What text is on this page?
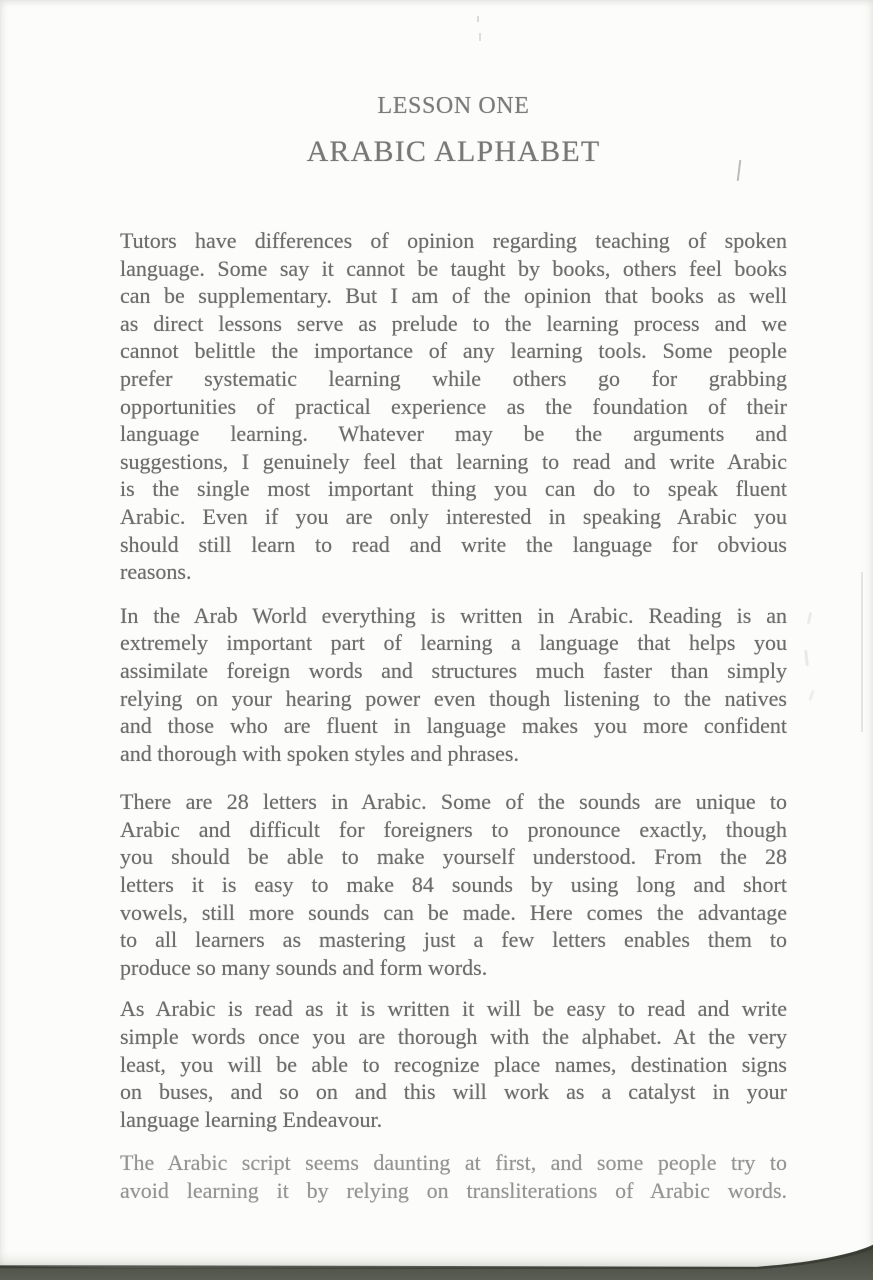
LESSON ONE
ARABIC ALPHABET

Tutors have differences of opinion regarding teaching of spoken
language. Some say it cannot be taught by books, others feel books
can be supplementary. But I am of the opinion that books as well
as direct lessons serve as prelude to the learning process and we
cannot belittle the importance of any learning tools. Some people
prefer systematic learning while others go for grabbing
opportunities of practical experience as the foundation of their
language learning. Whatever may be the arguments and
suggestions, I genuinely feel that learning to read and write Arabic
is the single most important thing you can do to speak fluent
Arabic. Even if you are only interested in speaking Arabic you
should still learn to read and write the language for obvious
reasons.

In the Arab World everything is written in Arabic. Reading is an
extremely important part of learning a language that helps you
assimilate foreign words and structures much faster than simply
relying on your hearing power even though listening to the natives
and those who are fluent in language makes you more confident
and thorough with spoken styles and phrases.

There are 28 letters in Arabic. Some of the sounds are unique to
Arabic and difficult for foreigners to pronounce exactly, though
you should be able to make yourself understood. From the 28
letters it is easy to make 84 sounds by using long and short
vowels, still more sounds can be made. Here comes the advantage
to all learners as mastering just a few letters enables them to
produce so many sounds and form words.

As Arabic is read as it is written it will be easy to read and write
simple words once you are thorough with the alphabet. At the very
least, you will be able to recognize place names, destination signs
on buses, and so on and this will work as a catalyst in your
language learning Endeavour.

The Arabic script seems daunting at first, and some people try to
avoid learning it by relying on transliterations of Arabic words.
